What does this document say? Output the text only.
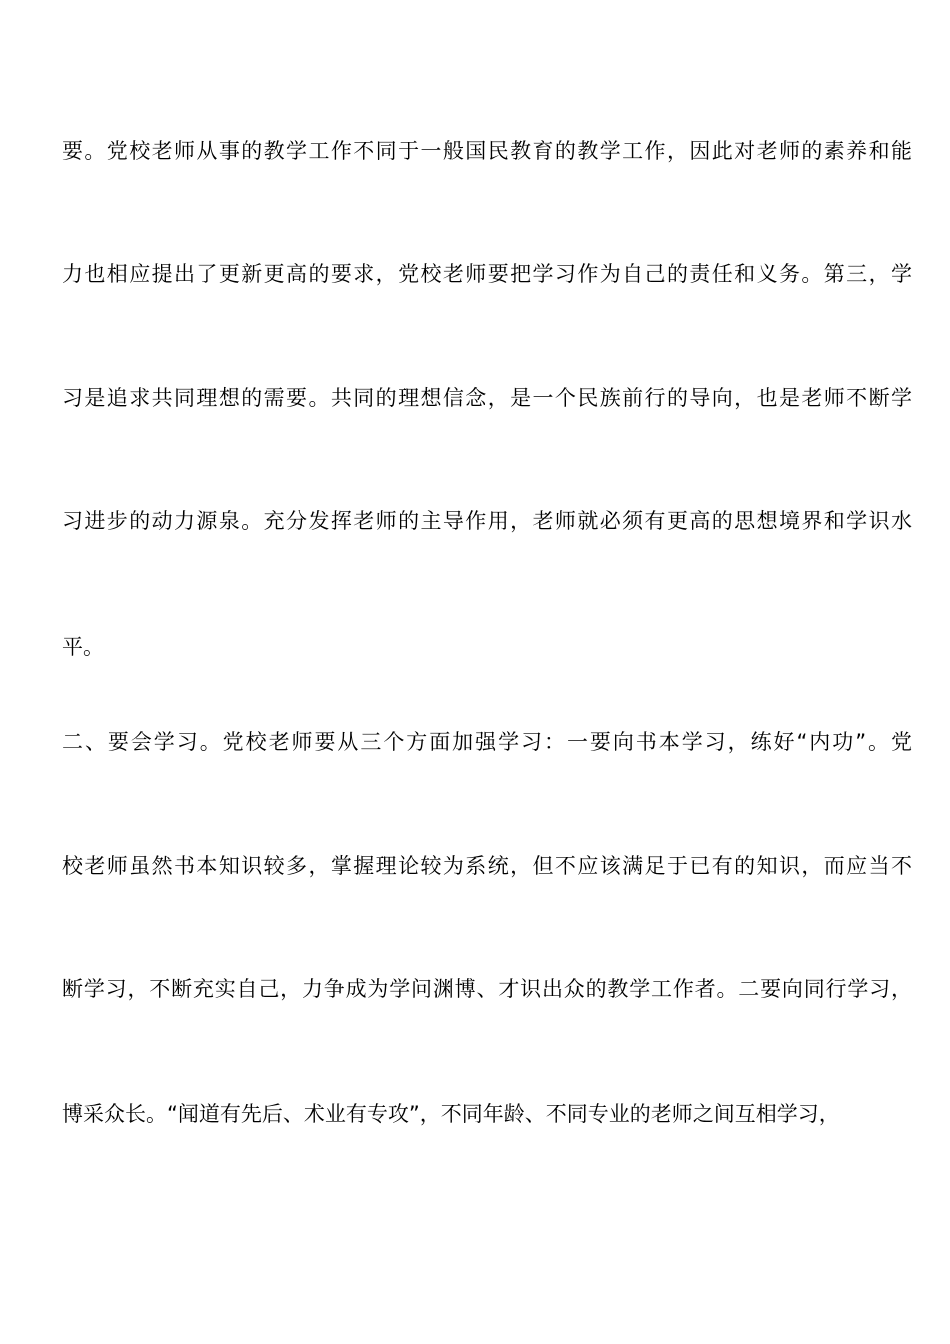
要。党校老师从事的教学工作不同于一般国民教育的教学工作，因此对老师的素养和能
力也相应提出了更新更高的要求，党校老师要把学习作为自己的责任和义务。第三，学
习是追求共同理想的需要。共同的理想信念，是一个民族前行的导向，也是老师不断学
习进步的动力源泉。充分发挥老师的主导作用，老师就必须有更高的思想境界和学识水
平。
二、要会学习。党校老师要从三个方面加强学习：一要向书本学习，练好“内功”。党
校老师虽然书本知识较多，掌握理论较为系统，但不应该满足于已有的知识，而应当不
断学习，不断充实自己，力争成为学问渊博、才识出众的教学工作者。二要向同行学习，
博采众长。“闻道有先后、术业有专攻”，不同年龄、不同专业的老师之间互相学习，
